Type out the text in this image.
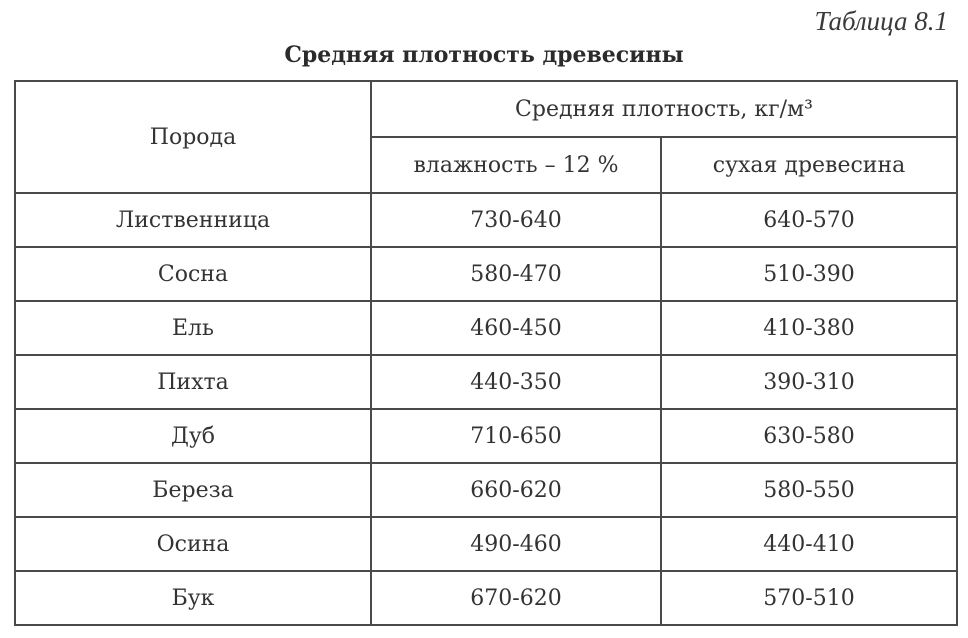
Таблица 8.1
Средняя плотность древесины
Порода	Средняя плотность, кг/м³	
	влажность – 12 %	сухая древесина
Лиственница	730-640	640-570
Сосна	580-470	510-390
Ель	460-450	410-380
Пихта	440-350	390-310
Дуб	710-650	630-580
Береза	660-620	580-550
Осина	490-460	440-410
Бук	670-620	570-510
